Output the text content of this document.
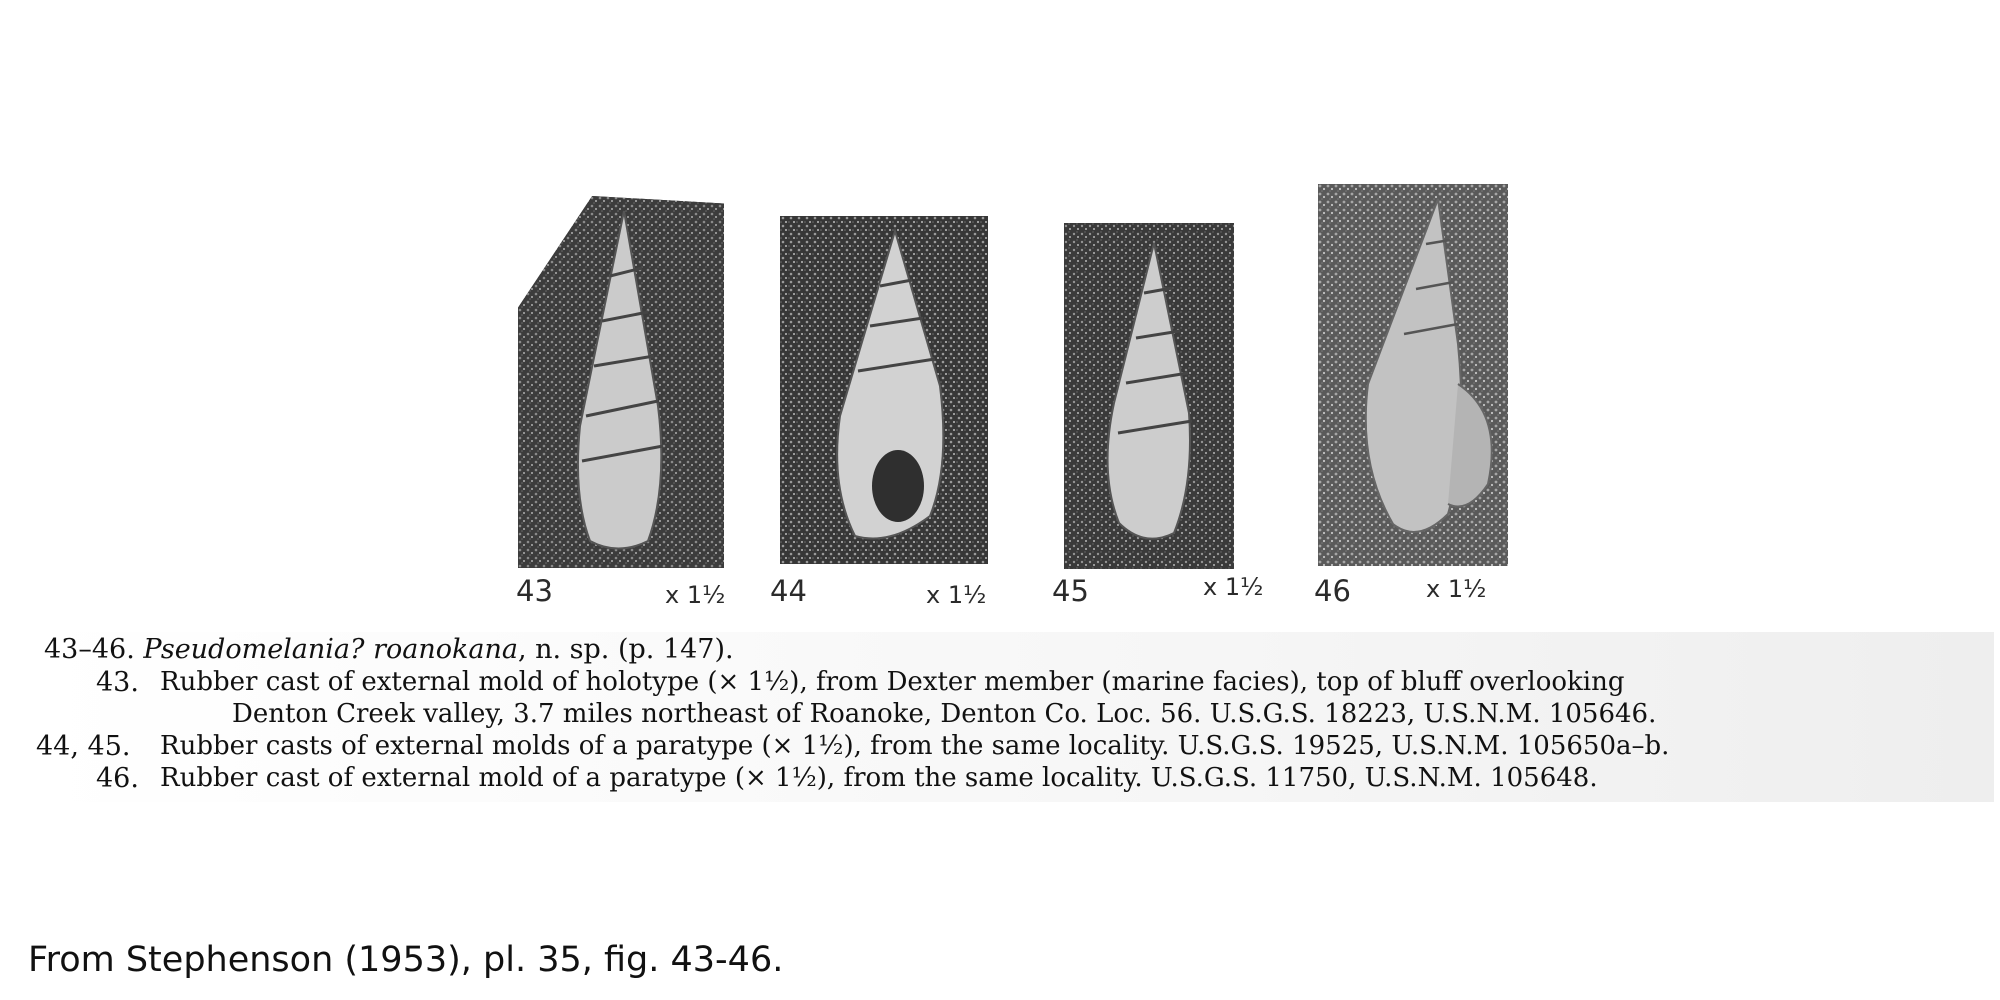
43	x 1½ 44	x 1½ 45	x 1½ 46	x 1½
43–46. Pseudomelania? roanokana, n. sp. (p. 147).
43. Rubber cast of external mold of holotype (× 1½), from Dexter member (marine facies), top of bluff overlooking
Denton Creek valley, 3.7 miles northeast of Roanoke, Denton Co. Loc. 56. U.S.G.S. 18223, U.S.N.M. 105646.
44, 45. Rubber casts of external molds of a paratype (× 1½), from the same locality. U.S.G.S. 19525, U.S.N.M. 105650a–b.
46. Rubber cast of external mold of a paratype (× 1½), from the same locality. U.S.G.S. 11750, U.S.N.M. 105648.
From Stephenson (1953), pl. 35, fig. 43-46.
